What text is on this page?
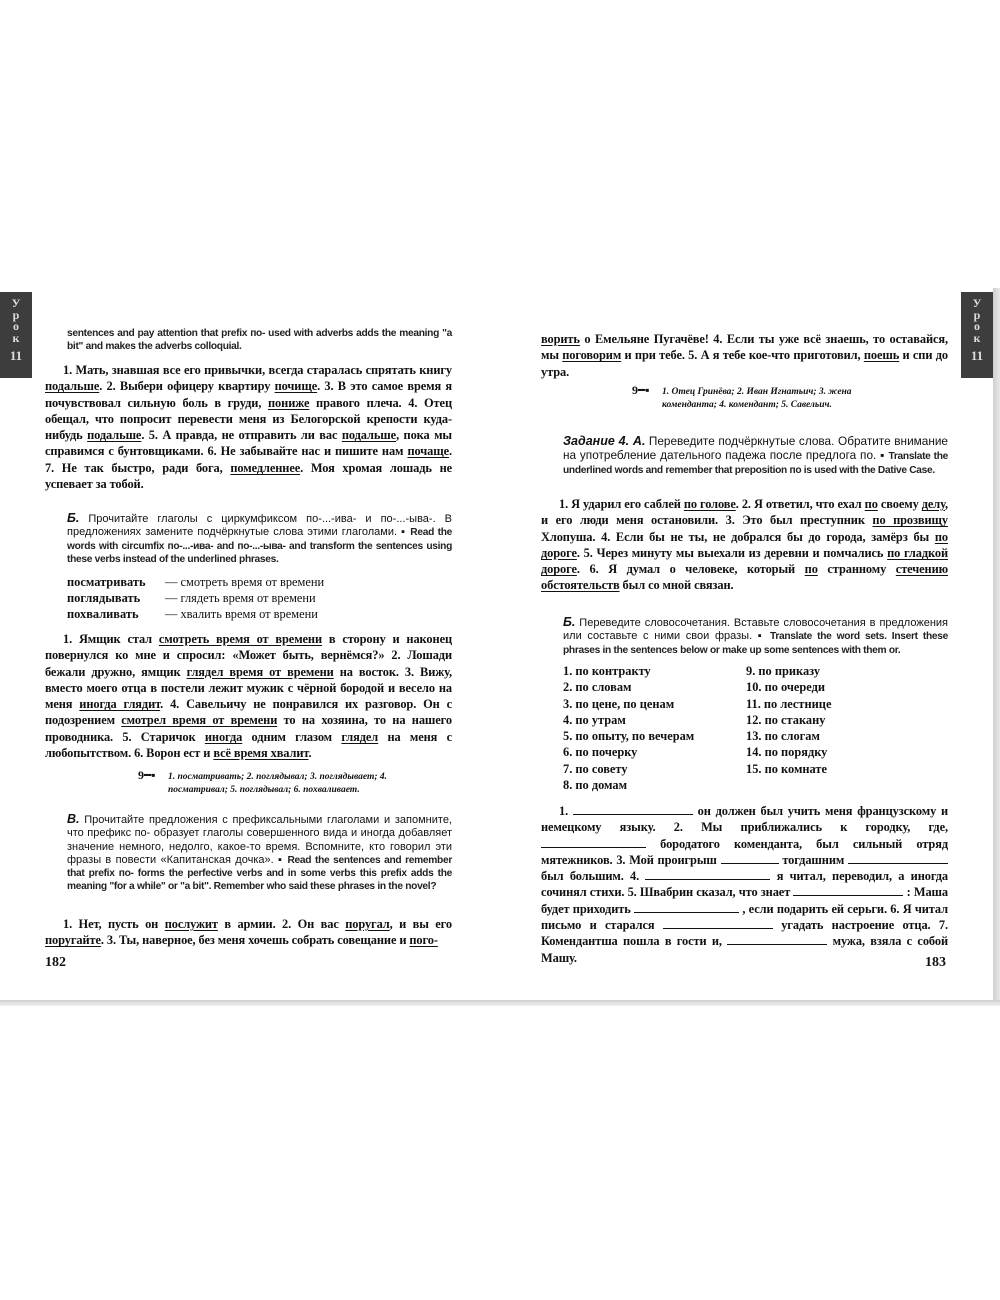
У
р
о
к
11
У
р
о
к
11
sentences and pay attention that prefix по- used with adverbs adds the meaning "a bit" and makes the adverbs colloquial.
1. Мать, знавшая все его привычки, всегда старалась спрятать книгу подальше. 2. Выбери офицеру квартиру почище. 3. В это самое время я почувствовал сильную боль в груди, пониже правого плеча. 4. Отец обещал, что попросит перевести меня из Белогорской крепости куда-нибудь подальше. 5. А правда, не отправить ли вас подальше, пока мы справимся с бунтовщиками. 6. Не забывайте нас и пишите нам почаще. 7. Не так быстро, ради бога, помедленнее. Моя хромая лошадь не успевает за тобой.
Б. Прочитайте глаголы с циркумфиксом по-...-ива- и по-...-ыва-. В предложениях замените подчёркнутые слова этими глаголами. ▪ Read the words with circumfix по-...-ива- and по-...-ыва- and transform the sentences using these verbs instead of the underlined phrases.
посматривать — смотреть время от времени
поглядывать — глядеть время от времени
похваливать — хвалить время от времени
1. Ямщик стал смотреть время от времени в сторону и наконец повернулся ко мне и спросил: «Может быть, вернёмся?» 2. Лошади бежали дружно, ямщик глядел время от времени на восток. 3. Вижу, вместо моего отца в постели лежит мужик с чёрной бородой и весело на меня иногда глядит. 4. Савельичу не понравился их разговор. Он с подозрением смотрел время от времени то на хозяина, то на нашего проводника. 5. Старичок иногда одним глазом глядел на меня с любопытством. 6. Ворон ест и всё время хвалит.
9━▪ 1. посматривать; 2. поглядывал; 3. поглядывает; 4. посматривал; 5. поглядывал; 6. похваливает.
В. Прочитайте предложения с префиксальными глаголами и запомните, что префикс по- образует глаголы совершенного вида и иногда добавляет значение немного, недолго, какое-то время. Вспомните, кто говорил эти фразы в повести «Капитанская дочка». ▪ Read the sentences and remember that prefix по- forms the perfective verbs and in some verbs this prefix adds the meaning "for a while" or "a bit". Remember who said these phrases in the novel?
1. Нет, пусть он послужит в армии. 2. Он вас поругал, и вы его поругайте. 3. Ты, наверное, без меня хочешь собрать совещание и пого-
182
ворить о Емельяне Пугачёве! 4. Если ты уже всё знаешь, то оставайся, мы поговорим и при тебе. 5. А я тебе кое-что приготовил, поешь и спи до утра.
9━▪ 1. Отец Гринёва; 2. Иван Игнатьич; 3. жена коменданта; 4. комендант; 5. Савельич.
Задание 4. А. Переведите подчёркнутые слова. Обратите внимание на употребление дательного падежа после предлога по. ▪ Translate the underlined words and remember that preposition по is used with the Dative Case.
1. Я ударил его саблей по голове. 2. Я ответил, что ехал по своему делу, и его люди меня остановили. 3. Это был преступник по прозвищу Хлопуша. 4. Если бы не ты, не добрался бы до города, замёрз бы по дороге. 5. Через минуту мы выехали из деревни и помчались по гладкой дороге. 6. Я думал о человеке, который по странному стечению обстоятельств был со мной связан.
Б. Переведите словосочетания. Вставьте словосочетания в предложения или составьте с ними свои фразы. ▪ Translate the word sets. Insert these phrases in the sentences below or make up some sentences with them or.
1. по контракту
2. по словам
3. по цене, по ценам
4. по утрам
5. по опыту, по вечерам
6. по почерку
7. по совету
8. по домам
9. по приказу
10. по очереди
11. по лестнице
12. по стакану
13. по слогам
14. по порядку
15. по комнате
1.	он должен был учить меня французскому и немецкому языку. 2. Мы приближались к городку, где,  бородатого коменданта, был сильный отряд мятежников. 3. Мой проигрыш	тогдашним  был большим. 4.	я читал, переводил, а иногда сочинял стихи. 5. Швабрин сказал, что знает	: Маша будет приходить	, если подарить ей серьги. 6. Я читал письмо и старался	угадать настроение отца. 7. Комендантша пошла в гости и,	мужа, взяла с собой Машу.	183
